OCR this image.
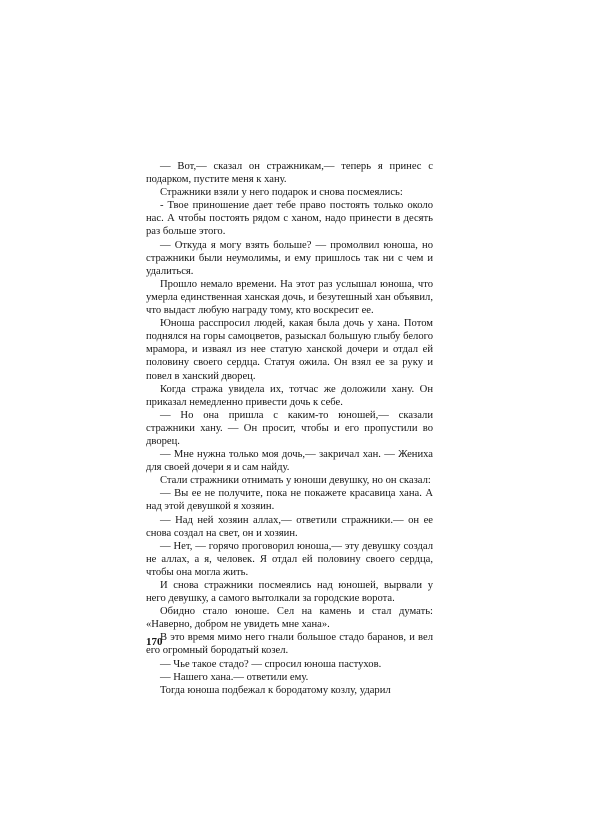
— Вот,— сказал он стражникам,— теперь я принес с подарком, пустите меня к хану.

Стражники взяли у него подарок и снова посмеялись:

- Твое приношение дает тебе право постоять только около нас. А чтобы постоять рядом с ханом, надо принести в десять раз больше этого.

— Откуда я могу взять больше? — промолвил юноша, но стражники были неумолимы, и ему пришлось так ни с чем и удалиться.

Прошло немало времени. На этот раз услышал юноша, что умерла единственная ханская дочь, и безутешный хан объявил, что выдаст любую награду тому, кто воскресит ее.

Юноша расспросил людей, какая была дочь у хана. Потом поднялся на горы самоцветов, разыскал большую глыбу белого мрамора, и изваял из нее статую ханской дочери и отдал ей половину своего сердца. Статуя ожила. Он взял ее за руку и повел в ханский дворец.

Когда стража увидела их, тотчас же доложили хану. Он приказал немедленно привести дочь к себе.

— Но она пришла с каким-то юношей,— сказали стражники хану. — Он просит, чтобы и его пропустили во дворец.

— Мне нужна только моя дочь,— закричал хан. — Жениха для своей дочери я и сам найду.

Стали стражники отнимать у юноши девушку, но он сказал:

— Вы ее не получите, пока не покажете красавица хана. А над этой девушкой я хозяин.

— Над ней хозяин аллах,— ответили стражники.— он ее снова создал на свет, он и хозяин.

— Нет, — горячо проговорил юноша,— эту девушку создал не аллах, а я, человек. Я отдал ей половину своего сердца, чтобы она могла жить.

И снова стражники посмеялись над юношей, вырвали у него девушку, а самого вытолкали за городские ворота.

Обидно стало юноше. Сел на камень и стал думать: «Наверно, добром не увидеть мне хана».

В это время мимо него гнали большое стадо баранов, и вел его огромный бородатый козел.

— Чье такое стадо? — спросил юноша пастухов.

— Нашего хана.— ответили ему.

Тогда юноша подбежал к бородатому козлу, ударил

170
